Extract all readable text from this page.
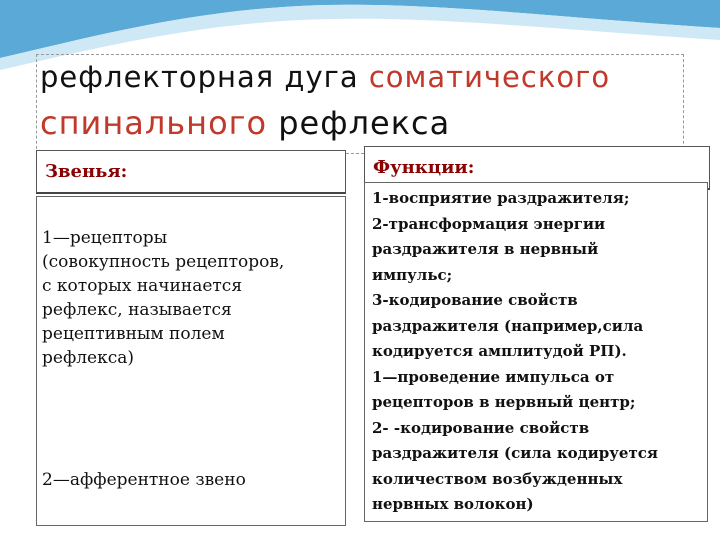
рефлекторная дуга соматического
спинального рефлекса
Звенья:	Функции:
1—рецепторы
(совокупность рецепторов,
с которых начинается
рефлекс, называется
рецептивным полем
рефлекса)
2—афферентное звено
1-восприятие раздражителя;
2-трансформация энергии
раздражителя в нервный
импульс;
3-кодирование свойств
раздражителя (например,сила
кодируется амплитудой РП).
1—проведение импульса от
рецепторов в нервный центр;
2- -кодирование свойств
раздражителя (сила кодируется
количеством возбужденных
нервных волокон)
